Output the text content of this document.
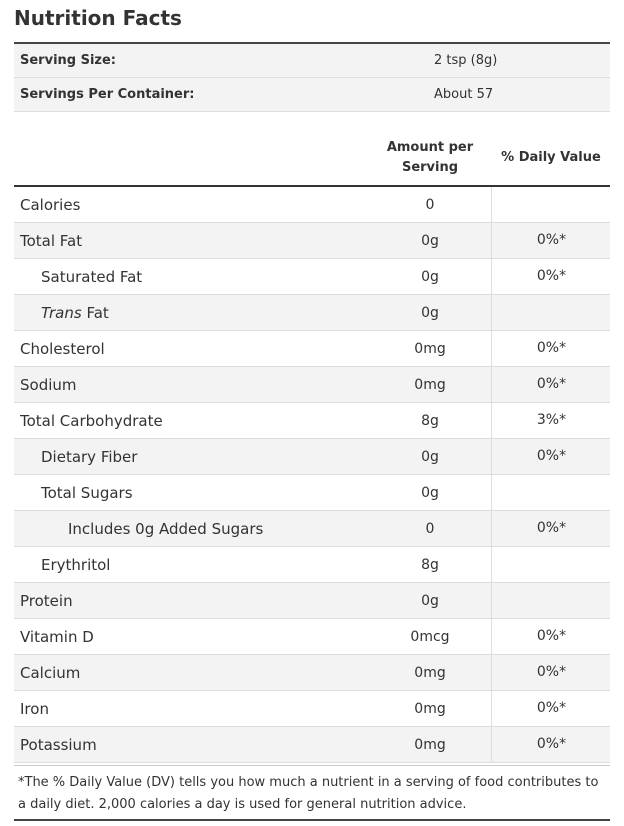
Nutrition Facts
Serving Size:	2 tsp (8g)
Servings Per Container:	About 57
Amount per
Serving
% Daily Value
Calories	0
Total Fat	0g	0%*
Saturated Fat	0g	0%*
Trans Fat	0g
Cholesterol	0mg	0%*
Sodium	0mg	0%*
Total Carbohydrate	8g	3%*
Dietary Fiber	0g	0%*
Total Sugars	0g
Includes 0g Added Sugars	0	0%*
Erythritol	8g
Protein	0g
Vitamin D	0mcg	0%*
Calcium	0mg	0%*
Iron	0mg	0%*
Potassium	0mg	0%*
*The % Daily Value (DV) tells you how much a nutrient in a serving of food contributes to a daily diet. 2,000 calories a day is used for general nutrition advice.
